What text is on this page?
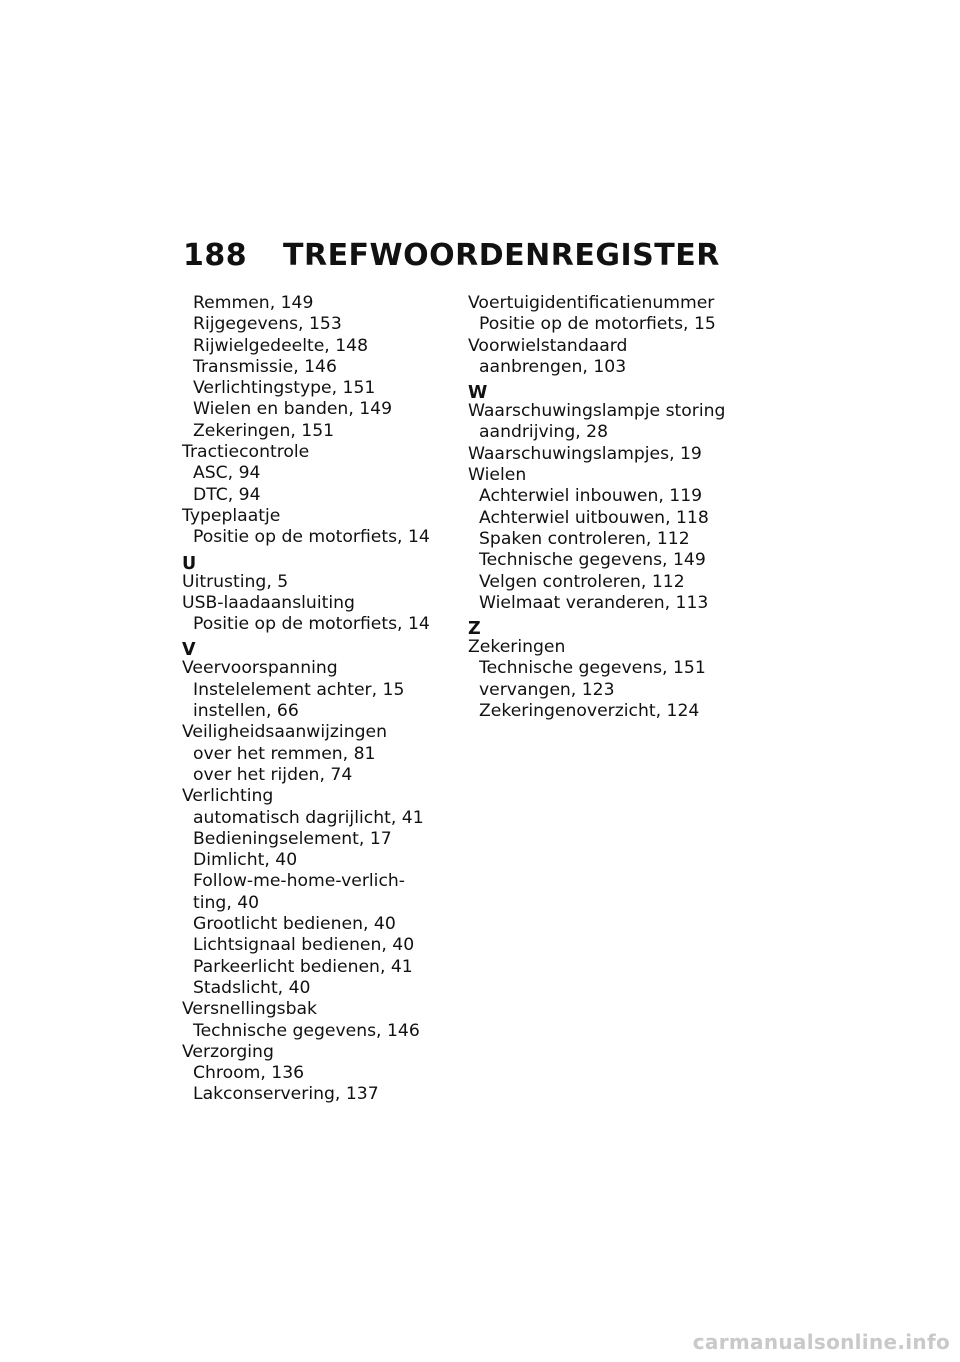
188 TREFWOORDENREGISTER
Remmen, 149
Rijgegevens, 153
Rijwielgedeelte, 148
Transmissie, 146
Verlichtingstype, 151
Wielen en banden, 149
Zekeringen, 151
Tractiecontrole
ASC, 94
DTC, 94
Typeplaatje
Positie op de motorfiets, 14
U
Uitrusting, 5
USB-laadaansluiting
Positie op de motorfiets, 14
V
Veervoorspanning
Instelelement achter, 15
instellen, 66
Veiligheidsaanwijzingen
over het remmen, 81
over het rijden, 74
Verlichting
automatisch dagrijlicht, 41
Bedieningselement, 17
Dimlicht, 40
Follow-me-home-verlich-
ting, 40
Grootlicht bedienen, 40
Lichtsignaal bedienen, 40
Parkeerlicht bedienen, 41
Stadslicht, 40
Versnellingsbak
Technische gegevens, 146
Verzorging
Chroom, 136
Lakconservering, 137
Voertuigidentificatienummer
Positie op de motorfiets, 15
Voorwielstandaard
aanbrengen, 103
W
Waarschuwingslampje storing
aandrijving, 28
Waarschuwingslampjes, 19
Wielen
Achterwiel inbouwen, 119
Achterwiel uitbouwen, 118
Spaken controleren, 112
Technische gegevens, 149
Velgen controleren, 112
Wielmaat veranderen, 113
Z
Zekeringen
Technische gegevens, 151
vervangen, 123
Zekeringenoverzicht, 124
carmanualsonline.info
